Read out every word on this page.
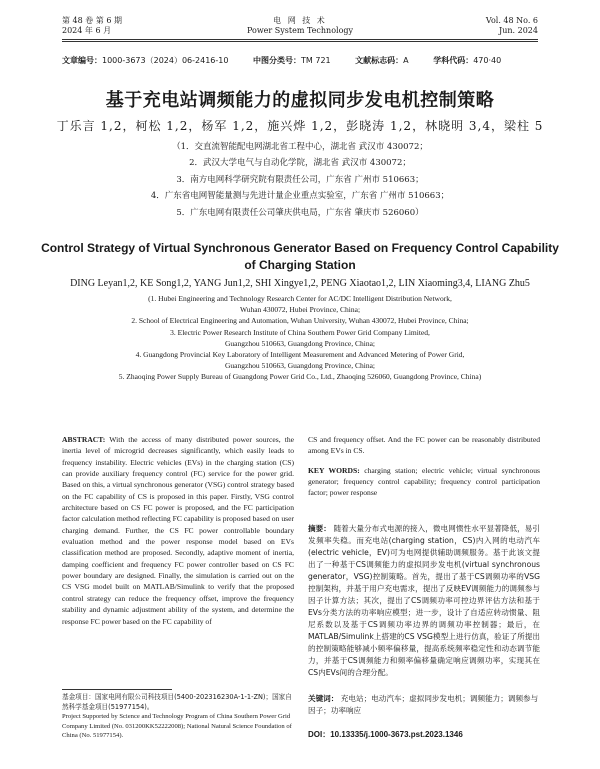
第 48 卷 第 6 期
2024 年 6 月
电 网 技 术
Power System Technology
Vol. 48 No. 6
Jun. 2024
文章编号：1000-3673（2024）06-2416-10	中图分类号：TM 721	文献标志码：A	学科代码：470·40
基于充电站调频能力的虚拟同步发电机控制策略
丁乐言 1,2，柯松 1,2，杨军 1,2，施兴烨 1,2，彭晓涛 1,2，林晓明 3,4，梁柱 5
（1．交直流智能配电网湖北省工程中心，湖北省 武汉市 430072；
2．武汉大学电气与自动化学院，湖北省 武汉市 430072；
3．南方电网科学研究院有限责任公司，广东省 广州市 510663；
4．广东省电网智能量测与先进计量企业重点实验室，广东省 广州市 510663；
5．广东电网有限责任公司肇庆供电局，广东省 肇庆市 526060）
Control Strategy of Virtual Synchronous Generator Based on Frequency Control Capability of Charging Station
DING Leyan1,2, KE Song1,2, YANG Jun1,2, SHI Xingye1,2, PENG Xiaotao1,2, LIN Xiaoming3,4, LIANG Zhu5
(1. Hubei Engineering and Technology Research Center for AC/DC Intelligent Distribution Network,
Wuhan 430072, Hubei Province, China;
2. School of Electrical Engineering and Automation, Wuhan University, Wuhan 430072, Hubei Province, China;
3. Electric Power Research Institute of China Southern Power Grid Company Limited,
Guangzhou 510663, Guangdong Province, China;
4. Guangdong Provincial Key Laboratory of Intelligent Measurement and Advanced Metering of Power Grid,
Guangzhou 510663, Guangdong Province, China;
5. Zhaoqing Power Supply Bureau of Guangdong Power Grid Co., Ltd., Zhaoqing 526060, Guangdong Province, China)
ABSTRACT: With the access of many distributed power sources, the inertia level of microgrid decreases significantly, which easily leads to frequency instability. Electric vehicles (EVs) in the charging station (CS) can provide auxiliary frequency control (FC) service for the power grid. Based on this, a virtual synchronous generator (VSG) control strategy based on the FC capability of CS is proposed in this paper. Firstly, VSG control architecture based on CS FC power is proposed, and the FC participation factor calculation method reflecting FC capability is proposed based on user charging demand. Further, the CS FC power controllable boundary evaluation method and the power response model based on EVs classification method are proposed. Secondly, adaptive moment of inertia, damping coefficient and frequency FC power controller based on CS FC power boundary are designed. Finally, the simulation is carried out on the CS VSG model built on MATLAB/Simulink to verify that the proposed control strategy can reduce the frequency offset, improve the frequency stability and dynamic adjustment ability of the system, and determine the response FC power based on the FC capability of
基金项目：国家电网有限公司科技项目(5400-202316230A-1-1-ZN)；国家自然科学基金项目(51977154)。
Project Supported by Science and Technology Program of China Southern Power Grid Company Limited (No. 031200KK52222008); National Natural Science Foundation of China (No. 51977154).
CS and frequency offset. And the FC power can be reasonably distributed among EVs in CS.
KEY WORDS: charging station; electric vehicle; virtual synchronous generator; frequency control capability; frequency control participation factor; power response
摘要： 随着大量分布式电源的接入，微电网惯性水平显著降低，易引发频率失稳。而充电站(charging station，CS)内入网的电动汽车(electric vehicle，EV)可为电网提供辅助调频服务。基于此该文提出了一种基于CS调频能力的虚拟同步发电机(virtual synchronous generator，VSG)控制策略。首先，提出了基于CS调频功率的VSG控制架构，并基于用户充电需求，提出了反映EV调频能力的调频参与因子计算方法；其次，提出了CS调频功率可控边界评估方法和基于EVs分类方法的功率响应模型；进一步，设计了自适应转动惯量、阻尼系数以及基于CS调频功率边界的调频功率控制器；最后，在MATLAB/Simulink上搭建的CS VSG模型上进行仿真，验证了所提出的控制策略能够减小频率偏移量，提高系统频率稳定性和动态调节能力，并基于CS调频能力和频率偏移量确定响应调频功率，实现其在CS内EVs间的合理分配。
关键词： 充电站；电动汽车；虚拟同步发电机；调频能力；调频参与因子；功率响应
DOI：10.13335/j.1000-3673.pst.2023.1346
